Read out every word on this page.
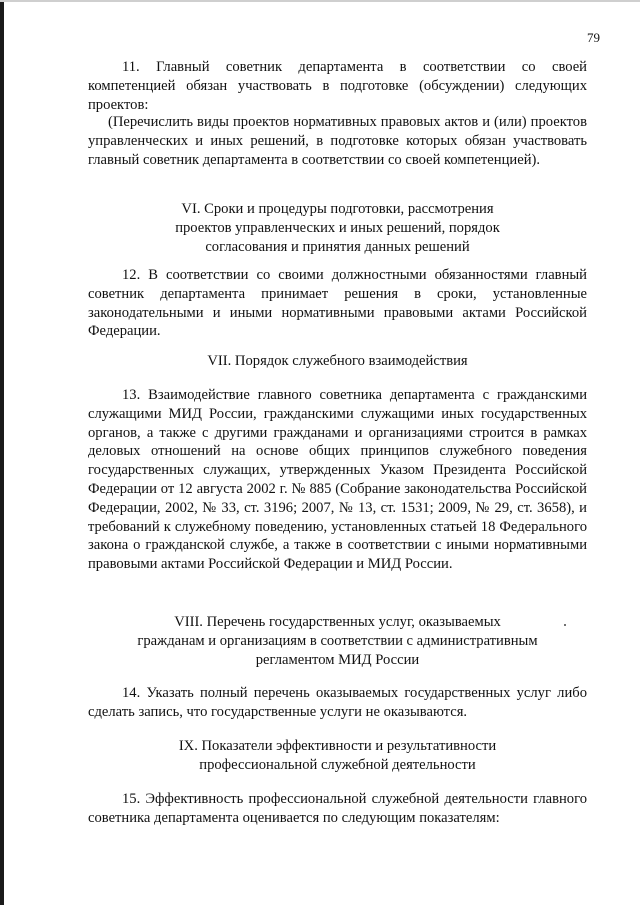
79
11. Главный советник департамента в соответствии со своей компетенцией обязан участвовать в подготовке (обсуждении) следующих проектов:
(Перечислить виды проектов нормативных правовых актов и (или) проектов управленческих и иных решений, в подготовке которых обязан участвовать главный советник департамента в соответствии со своей компетенцией).
VI. Сроки и процедуры подготовки, рассмотрения
проектов управленческих и иных решений, порядок
согласования и принятия данных решений
12. В соответствии со своими должностными обязанностями главный советник департамента принимает решения в сроки, установленные законодательными и иными нормативными правовыми актами Российской Федерации.
VII. Порядок служебного взаимодействия
13. Взаимодействие главного советника департамента с гражданскими служащими МИД России, гражданскими служащими иных государственных органов, а также с другими гражданами и организациями строится в рамках деловых отношений на основе общих принципов служебного поведения государственных служащих, утвержденных Указом Президента Российской Федерации от 12 августа 2002 г. № 885 (Собрание законодательства Российской Федерации, 2002, № 33, ст. 3196; 2007, № 13, ст. 1531; 2009, № 29, ст. 3658), и требований к служебному поведению, установленных статьей 18 Федерального закона о гражданской службе, а также в соответствии с иными нормативными правовыми актами Российской Федерации и МИД России.
VIII. Перечень государственных услуг, оказываемых
гражданам и организациям в соответствии с административным
регламентом МИД России
14. Указать полный перечень оказываемых государственных услуг либо сделать запись, что государственные услуги не оказываются.
IX. Показатели эффективности и результативности
профессиональной служебной деятельности
15. Эффективность профессиональной служебной деятельности главного советника департамента оценивается по следующим показателям:
